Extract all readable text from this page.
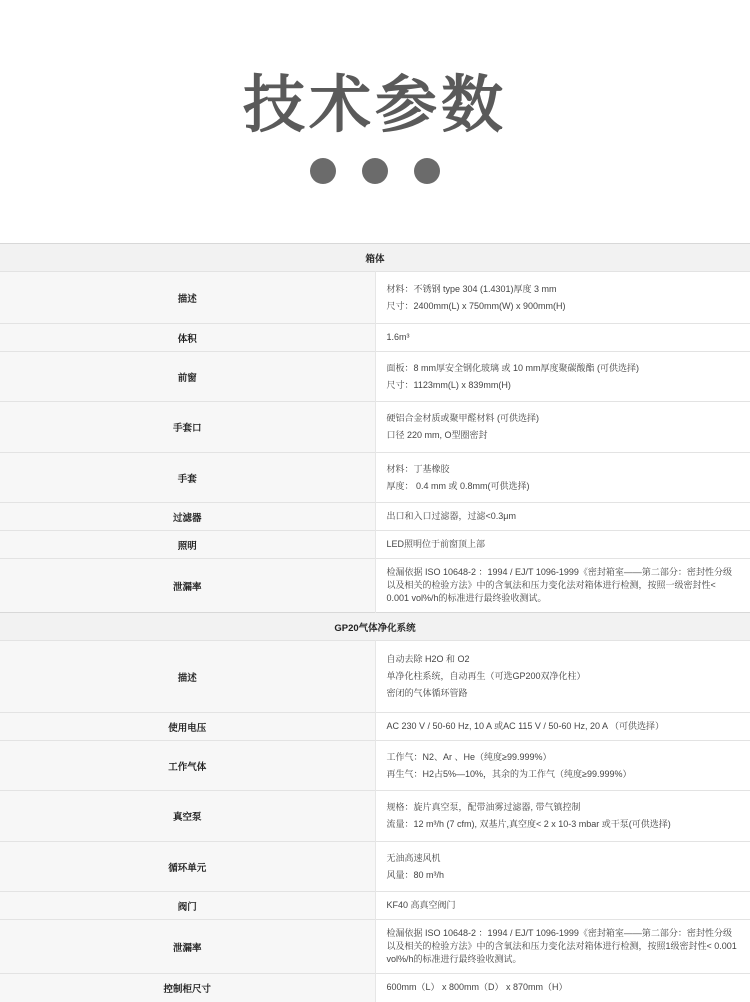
技术参数

箱体	
描述	材料：不锈钢 type 304 (1.4301)厚度 3 mm
尺寸：2400mm(L) x 750mm(W) x 900mm(H)

体积	1.6m³

前窗	面板：8 mm厚安全钢化玻璃 或 10 mm厚度聚碳酸酯 (可供选择)
尺寸：1123mm(L) x 839mm(H)

手套口	硬铝合金材质或聚甲醛材料 (可供选择)
口径 220 mm, O型圈密封

手套	材料：丁基橡胶
厚度： 0.4 mm 或 0.8mm(可供选择)

过滤器	出口和入口过滤器，过滤<0.3μm

照明	LED照明位于前窗顶上部

泄漏率	检漏依据 ISO 10648-2 ：1994 / EJ/T 1096-1999《密封箱室——第二部分：密封性分级以及相关的检验方法》中的含氧法和压力变化法对箱体进行检测，按照一级密封性< 0.001 vol%/h的标准进行最终验收测试。

GP20气体净化系统	
描述	自动去除 H2O 和 O2
单净化柱系统，自动再生（可选GP200双净化柱）
密闭的气体循环管路

使用电压	AC 230 V / 50-60 Hz, 10 A 或AC 115 V / 50-60 Hz, 20 A （可供选择）

工作气体	工作气：N2、Ar 、He（纯度≥99.999%）
再生气：H2占5%—10%，其余的为工作气（纯度≥99.999%）

真空泵	规格：旋片真空泵，配带油雾过滤器, 带气镇控制
流量：12 m³/h (7 cfm), 双基片,真空度< 2 x 10-3 mbar 或干泵(可供选择)

循环单元	无油高速风机
风量：80 m³/h

阀门	KF40 高真空阀门

泄漏率	检漏依据 ISO 10648-2 ：1994 / EJ/T 1096-1999《密封箱室——第二部分：密封性分级以及相关的检验方法》中的含氧法和压力变化法对箱体进行检测，按照1级密封性< 0.001 vol%/h的标准进行最终验收测试。

控制柜尺寸	600mm（L） x 800mm（D） x 870mm（H）
